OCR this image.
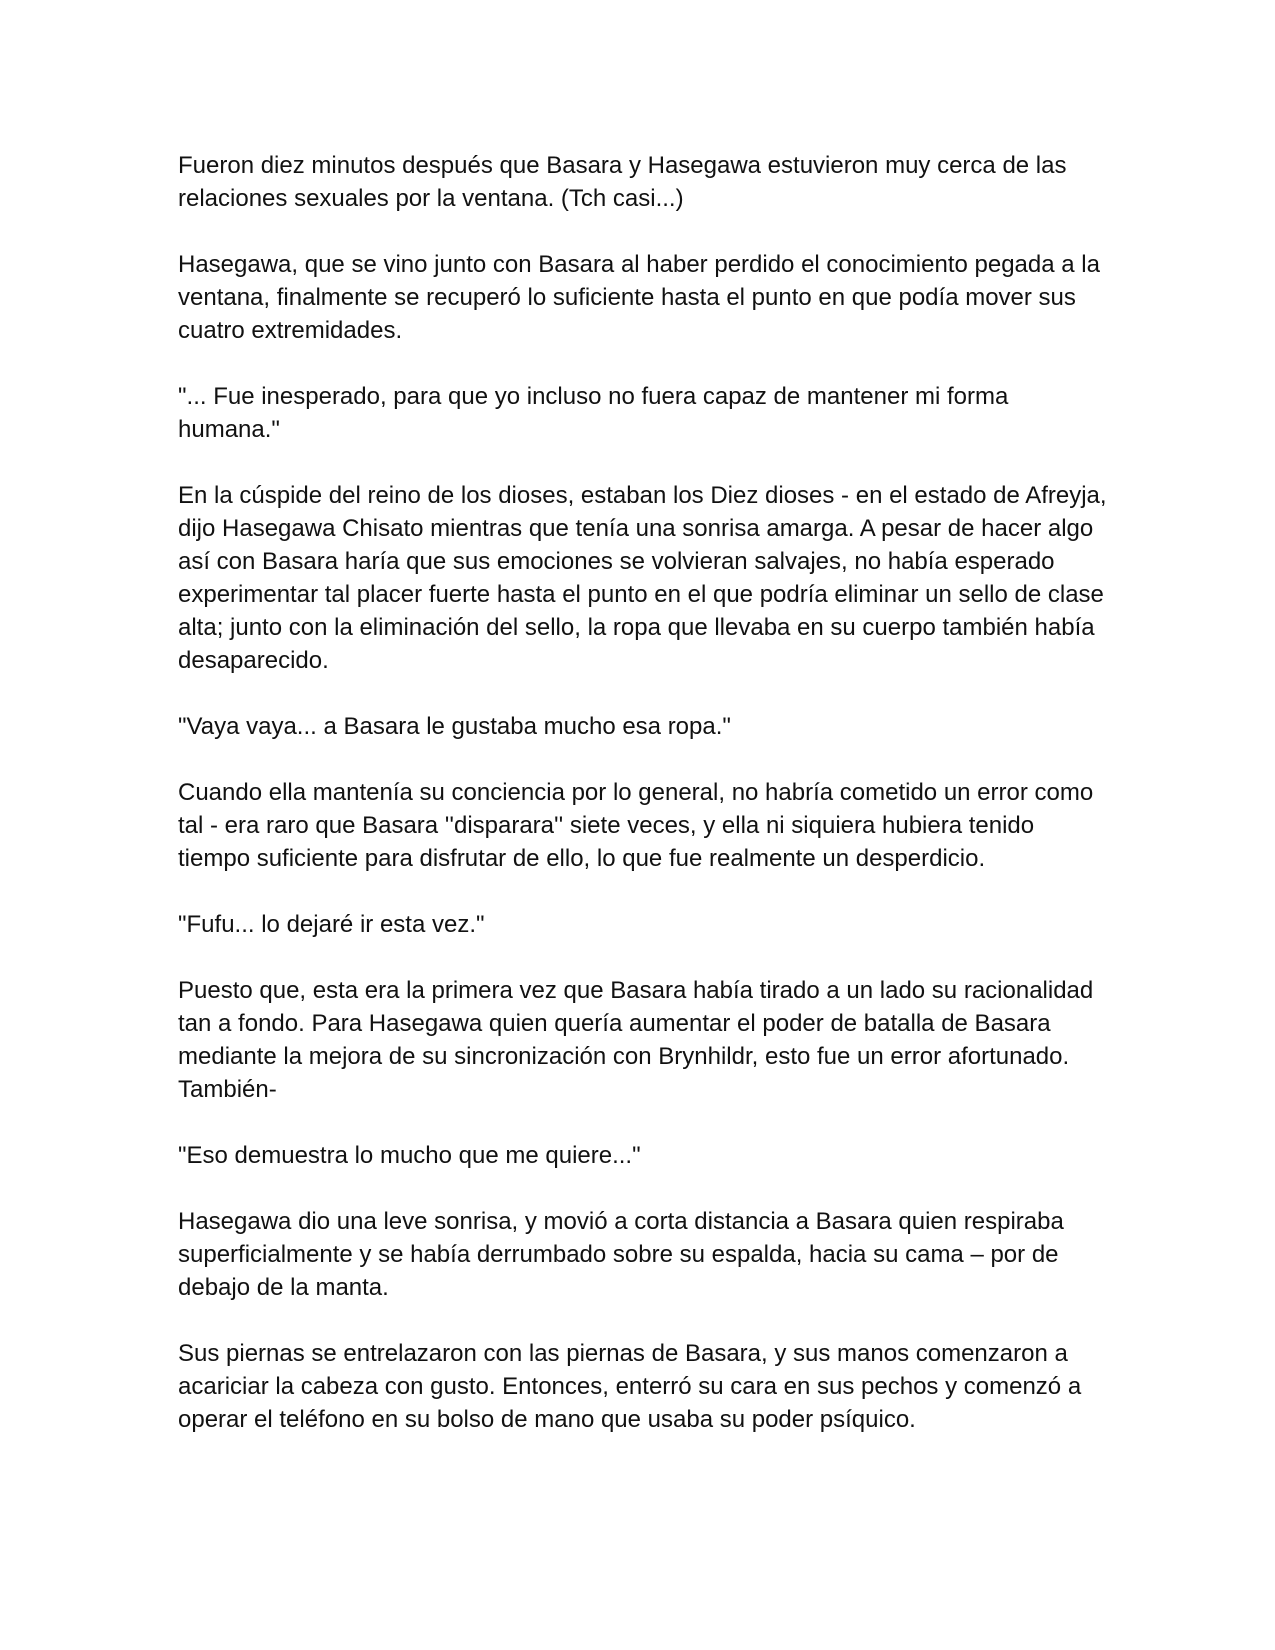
Fueron diez minutos después que Basara y Hasegawa estuvieron muy cerca de las relaciones sexuales por la ventana. (Tch casi...)

Hasegawa, que se vino junto con Basara al haber perdido el conocimiento pegada a la ventana, finalmente se recuperó lo suficiente hasta el punto en que podía mover sus cuatro extremidades.

"... Fue inesperado, para que yo incluso no fuera capaz de mantener mi forma humana."

En la cúspide del reino de los dioses, estaban los Diez dioses - en el estado de Afreyja, dijo Hasegawa Chisato mientras que tenía una sonrisa amarga. A pesar de hacer algo así con Basara haría que sus emociones se volvieran salvajes, no había esperado experimentar tal placer fuerte hasta el punto en el que podría eliminar un sello de clase alta; junto con la eliminación del sello, la ropa que llevaba en su cuerpo también había desaparecido.

"Vaya vaya... a Basara le gustaba mucho esa ropa."

Cuando ella mantenía su conciencia por lo general, no habría cometido un error como tal - era raro que Basara ''disparara'' siete veces, y ella ni siquiera hubiera tenido tiempo suficiente para disfrutar de ello, lo que fue realmente un desperdicio.

"Fufu... lo dejaré ir esta vez."

Puesto que, esta era la primera vez que Basara había tirado a un lado su racionalidad tan a fondo. Para Hasegawa quien quería aumentar el poder de batalla de Basara mediante la mejora de su sincronización con Brynhildr, esto fue un error afortunado. También-

"Eso demuestra lo mucho que me quiere..."

Hasegawa dio una leve sonrisa, y movió a corta distancia a Basara quien respiraba superficialmente y se había derrumbado sobre su espalda, hacia su cama – por de debajo de la manta.

Sus piernas se entrelazaron con las piernas de Basara, y sus manos comenzaron a acariciar la cabeza con gusto. Entonces, enterró su cara en sus pechos y comenzó a operar el teléfono en su bolso de mano que usaba su poder psíquico.
